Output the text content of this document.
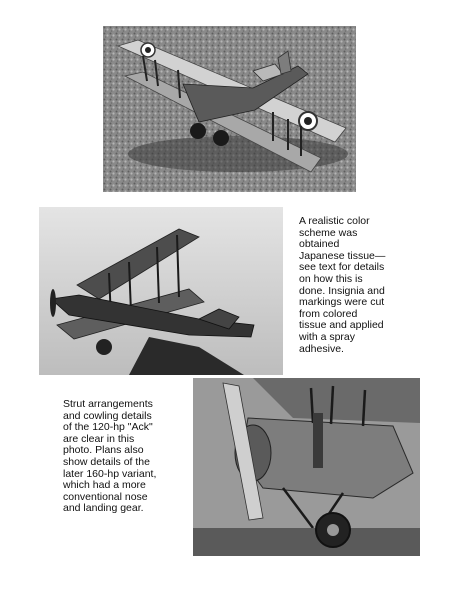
A realistic color scheme was obtained Japanese tissue—see text for details on how this is done. Insignia and markings were cut from colored tissue and applied with a spray adhesive.

Strut arrangements and cowling details of the 120-hp "Ack" are clear in this photo. Plans also show details of the later 160-hp variant, which had a more conventional nose and landing gear.
